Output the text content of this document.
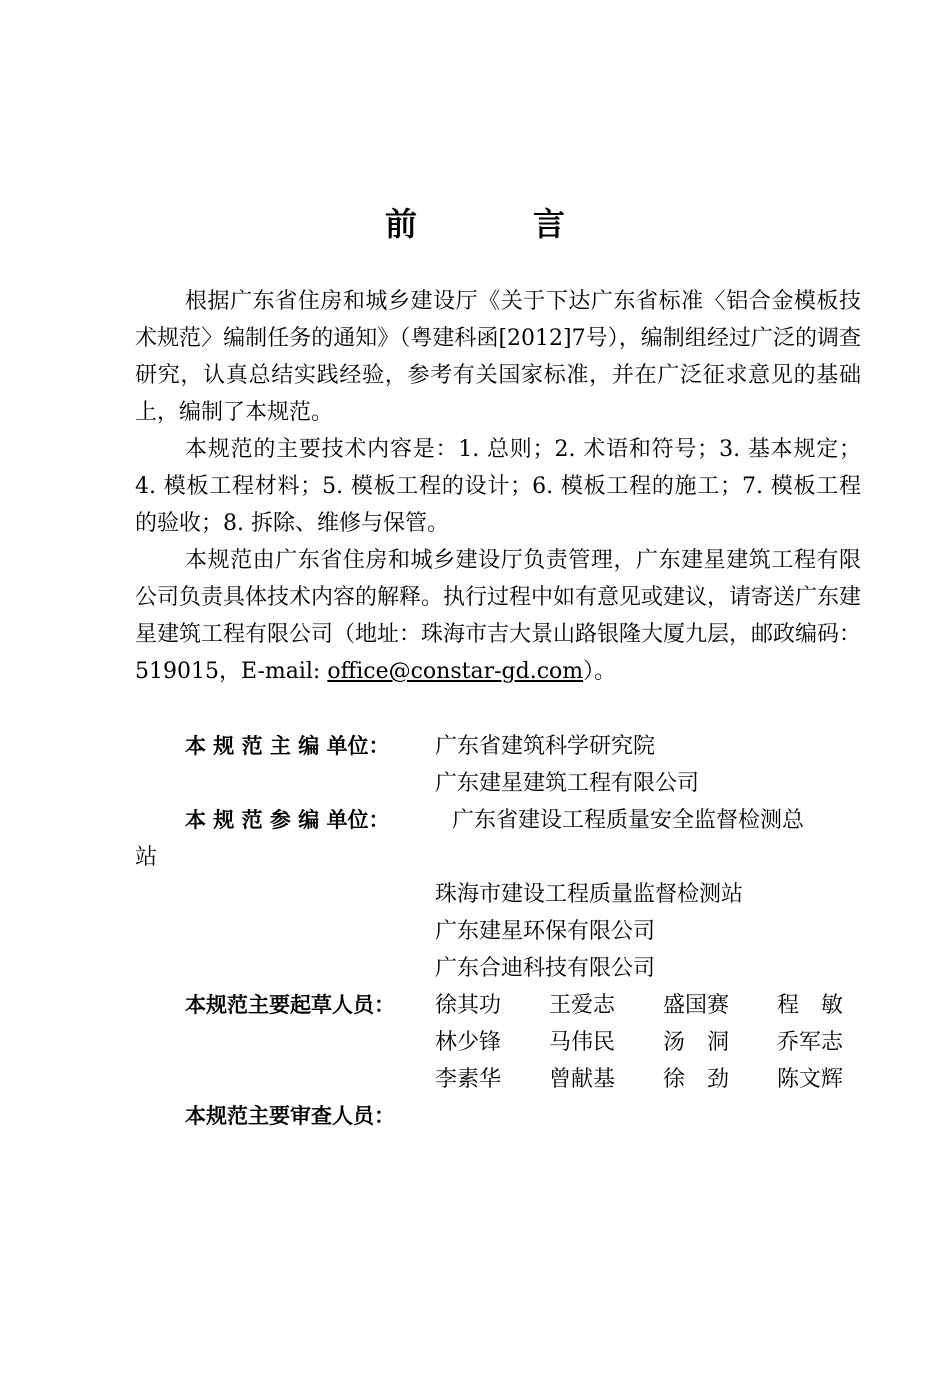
前　言

根据广东省住房和城乡建设厅《关于下达广东省标准〈铝合金模板技术规范〉编制任务的通知》（粤建科函[2012]7号），编制组经过广泛的调查研究，认真总结实践经验，参考有关国家标准，并在广泛征求意见的基础上，编制了本规范。

本规范的主要技术内容是：1. 总则；2. 术语和符号；3. 基本规定；4. 模板工程材料；5. 模板工程的设计；6. 模板工程的施工；7. 模板工程的验收；8. 拆除、维修与保管。

本规范由广东省住房和城乡建设厅负责管理，广东建星建筑工程有限公司负责具体技术内容的解释。执行过程中如有意见或建议，请寄送广东建星建筑工程有限公司（地址：珠海市吉大景山路银隆大厦九层，邮政编码：519015，E-mail: office@constar-gd.com）。

本 规 范 主 编 单位： 广东省建筑科学研究院
广东建星建筑工程有限公司
本 规 范 参 编 单位：	广东省建设工程质量安全监督检测总
站
珠海市建设工程质量监督检测站
广东建星环保有限公司
广东合迪科技有限公司
本规范主要起草人员： 徐其功 王爱志 盛国赛 程　敏
林少锋 马伟民 汤　洞 乔军志
李素华 曾献基 徐　劲 陈文辉
本规范主要审查人员：
